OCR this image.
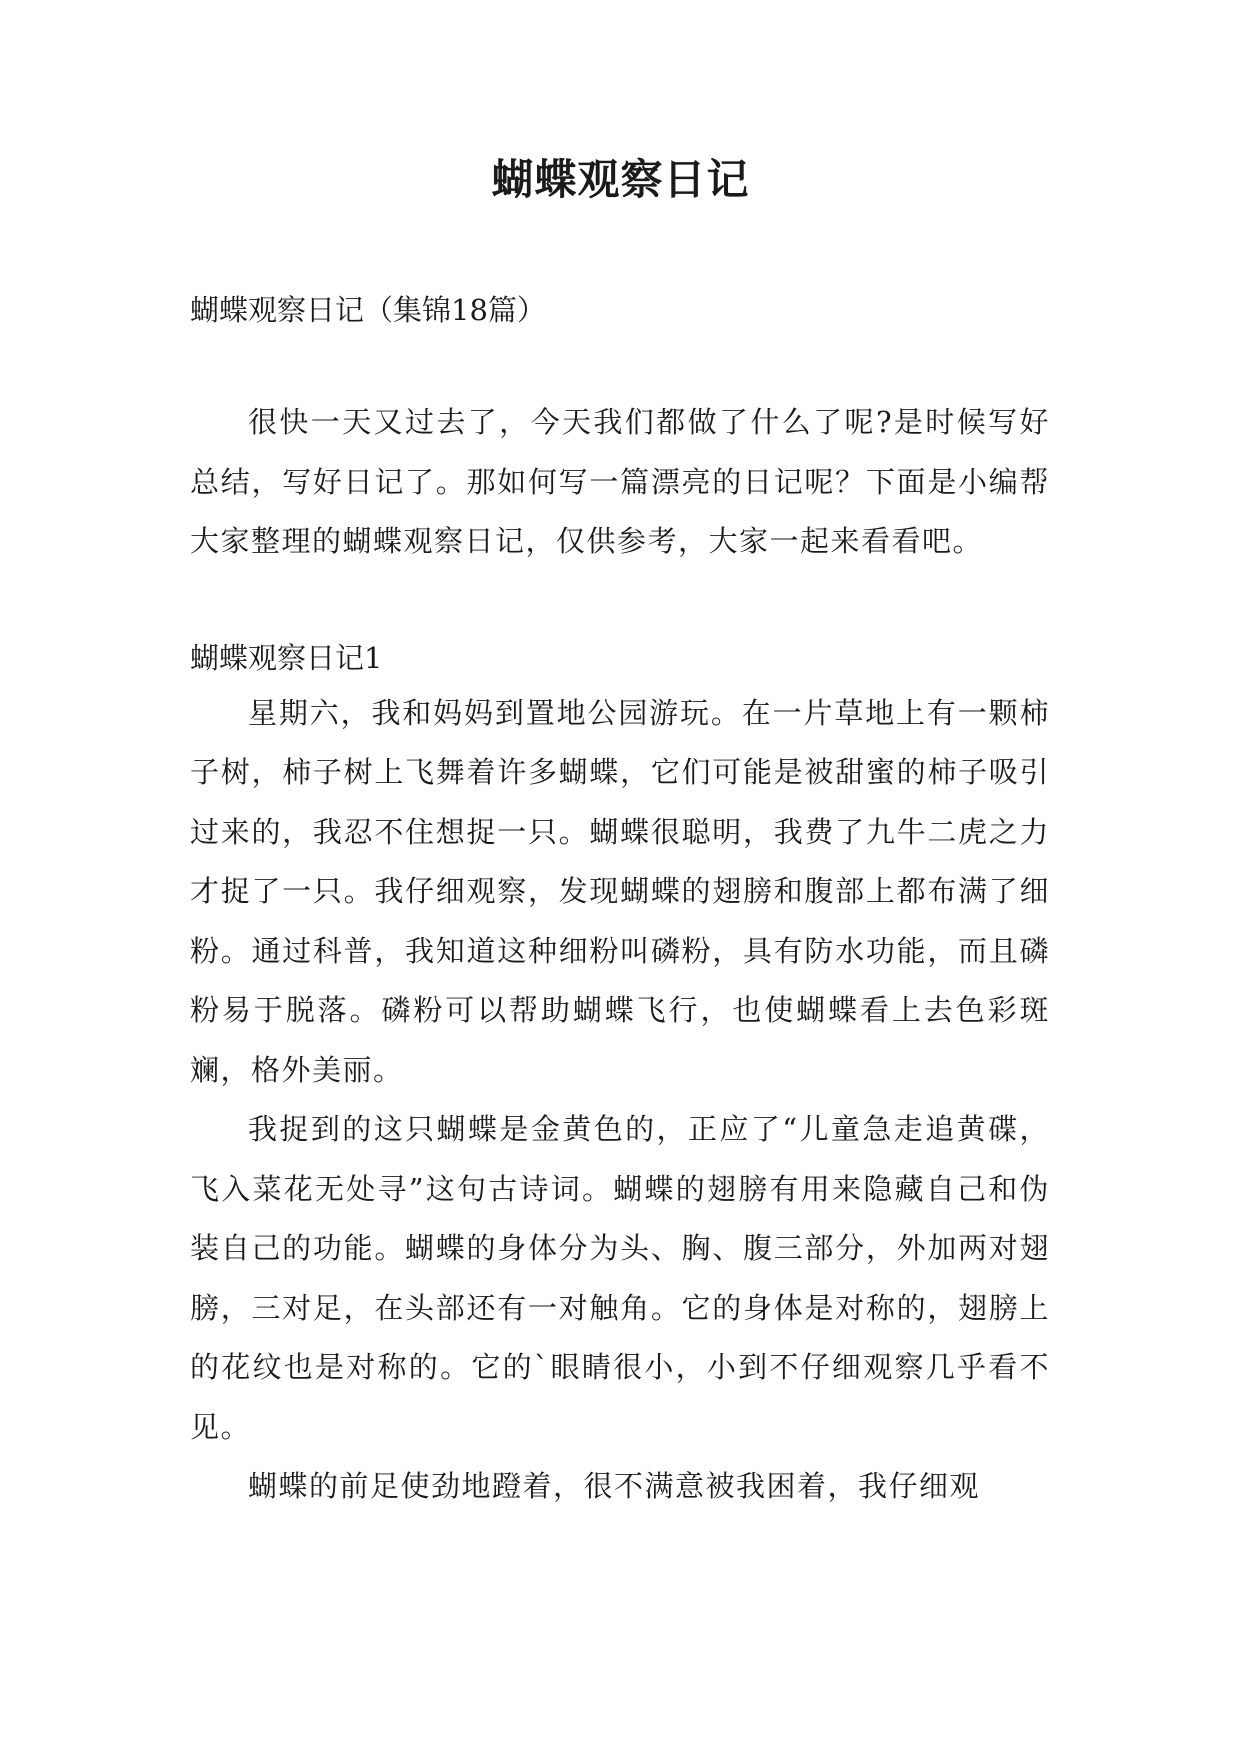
蝴蝶观察日记

蝴蝶观察日记（集锦18篇）

很快一天又过去了，今天我们都做了什么了呢?是时候写好总结，写好日记了。那如何写一篇漂亮的日记呢？下面是小编帮大家整理的蝴蝶观察日记，仅供参考，大家一起来看看吧。

蝴蝶观察日记1

星期六，我和妈妈到置地公园游玩。在一片草地上有一颗柿子树，柿子树上飞舞着许多蝴蝶，它们可能是被甜蜜的柿子吸引过来的，我忍不住想捉一只。蝴蝶很聪明，我费了九牛二虎之力才捉了一只。我仔细观察，发现蝴蝶的翅膀和腹部上都布满了细粉。通过科普，我知道这种细粉叫磷粉，具有防水功能，而且磷粉易于脱落。磷粉可以帮助蝴蝶飞行，也使蝴蝶看上去色彩斑斓，格外美丽。

我捉到的这只蝴蝶是金黄色的，正应了“儿童急走追黄碟，飞入菜花无处寻”这句古诗词。蝴蝶的翅膀有用来隐藏自己和伪装自己的功能。蝴蝶的身体分为头、胸、腹三部分，外加两对翅膀，三对足，在头部还有一对触角。它的身体是对称的，翅膀上的花纹也是对称的。它的`眼睛很小，小到不仔细观察几乎看不见。

蝴蝶的前足使劲地蹬着，很不满意被我困着，我仔细观
